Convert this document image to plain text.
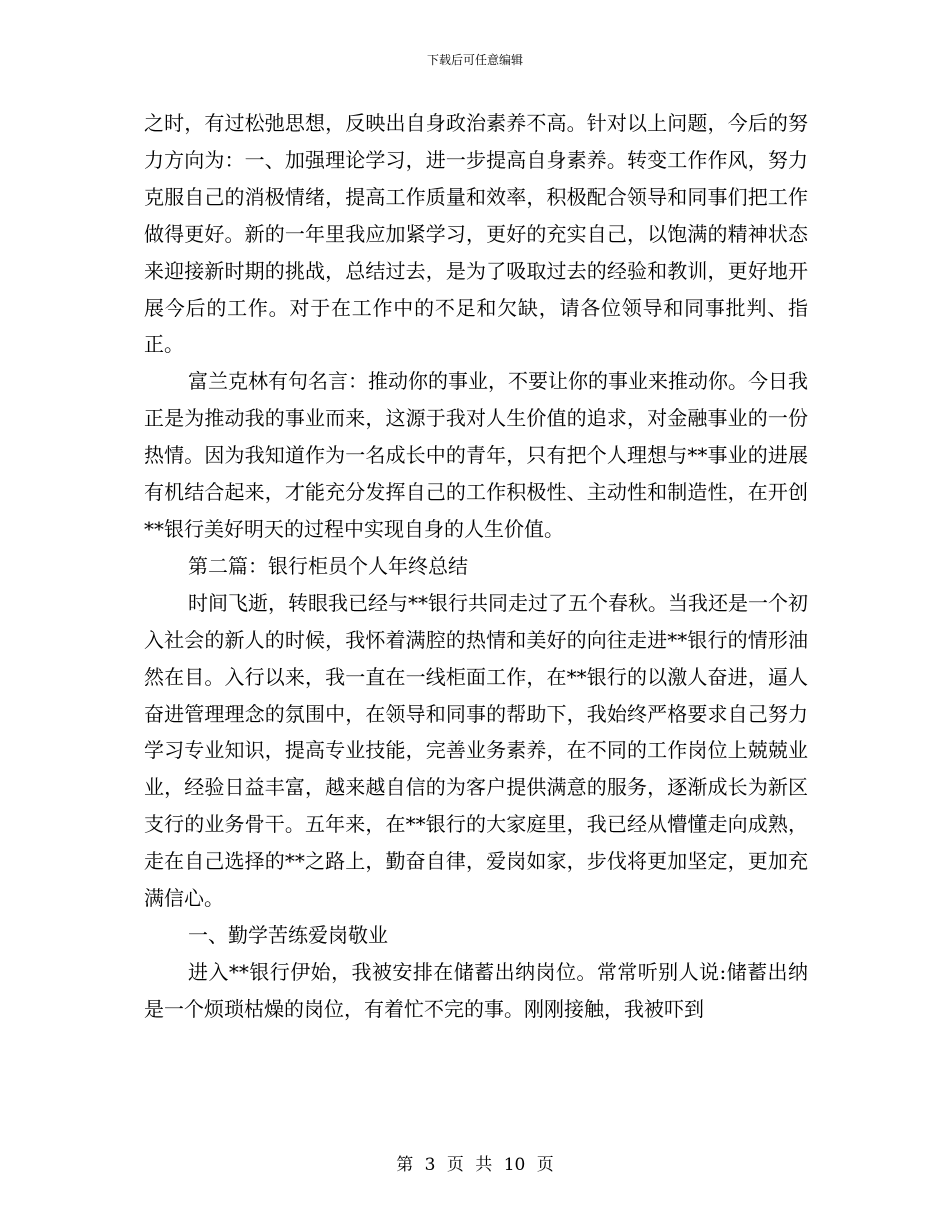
下载后可任意编辑

之时，有过松弛思想，反映出自身政治素养不高。针对以上问题，今后的努力方向为：一、加强理论学习，进一步提高自身素养。转变工作作风，努力克服自己的消极情绪，提高工作质量和效率，积极配合领导和同事们把工作做得更好。新的一年里我应加紧学习，更好的充实自己，以饱满的精神状态来迎接新时期的挑战，总结过去，是为了吸取过去的经验和教训，更好地开展今后的工作。对于在工作中的不足和欠缺，请各位领导和同事批判、指正。

富兰克林有句名言：推动你的事业，不要让你的事业来推动你。今日我正是为推动我的事业而来，这源于我对人生价值的追求，对金融事业的一份热情。因为我知道作为一名成长中的青年，只有把个人理想与**事业的进展有机结合起来，才能充分发挥自己的工作积极性、主动性和制造性，在开创**银行美好明天的过程中实现自身的人生价值。

第二篇：银行柜员个人年终总结

时间飞逝，转眼我已经与**银行共同走过了五个春秋。当我还是一个初入社会的新人的时候，我怀着满腔的热情和美好的向往走进**银行的情形油然在目。入行以来，我一直在一线柜面工作，在**银行的以激人奋进，逼人奋进管理理念的氛围中，在领导和同事的帮助下，我始终严格要求自己努力学习专业知识，提高专业技能，完善业务素养，在不同的工作岗位上兢兢业业，经验日益丰富，越来越自信的为客户提供满意的服务，逐渐成长为新区支行的业务骨干。五年来，在**银行的大家庭里，我已经从懵懂走向成熟，走在自己选择的**之路上，勤奋自律，爱岗如家，步伐将更加坚定，更加充满信心。

一、勤学苦练爱岗敬业

进入**银行伊始，我被安排在储蓄出纳岗位。常常听别人说:储蓄出纳是一个烦琐枯燥的岗位，有着忙不完的事。刚刚接触，我被吓到

第 3 页 共 10 页
